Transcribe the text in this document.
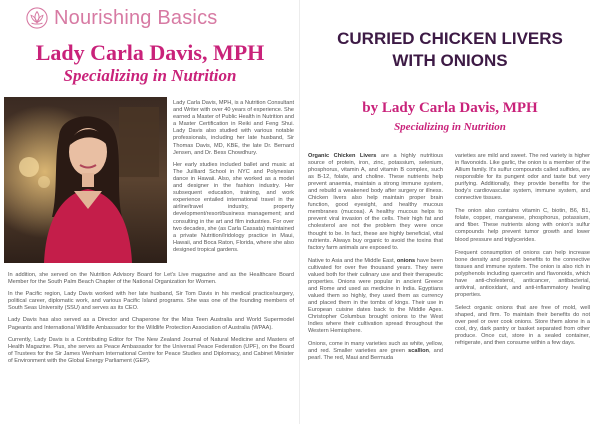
Nourishing Basics
Lady Carla Davis, MPH
Specializing in Nutrition

Lady Carla Davis, MPH, is a Nutrition Consultant and Writer with over 40 years of experience. She earned a Master of Public Health in Nutrition and a Master Certification in Reiki and Feng Shui. Lady Davis also studied with various notable professionals, including her late husband, Sir Thomas Davis, MD, KBE, the late Dr. Bernard Jensen, and Dr. Bess Chowdhury.

Her early studies included ballet and music at The Juilliard School in NYC and Polynesian dance in Hawaii. Also, she worked as a model and designer in the fashion industry. Her subsequent education, training, and work experience entailed international travel in the airline/travel industry, property development/resort/business management; and consulting in the art and film industries. For over two decades, she (as Carla Cassata) maintained a private Nutrition/Iridology practice in Maui, Hawaii, and Boca Raton, Florida, where she also designed tropical gardens.

In addition, she served on the Nutrition Advisory Board for Let's Live magazine and as the Healthcare Board Member for the South Palm Beach Chapter of the National Organization for Women.

In the Pacific region, Lady Davis worked with her late husband, Sir Tom Davis in his medical practice/surgery, political career, diplomatic work, and various Pacific Island programs. She was one of the founding members of South Seas University (SSU) and serves as its CEO.

Lady Davis has also served as a Director and Chaperone for the Miss Teen Australia and World Supermodel Pageants and International Wildlife Ambassador for the Wildlife Protection Association of Australia (WPAA).

Currently, Lady Davis is a Contributing Editor for The New Zealand Journal of Natural Medicine and Masters of Health Magazine. Plus, she serves as Peace Ambassador for the Universal Peace Federation (UPF), on the Board of Trustees for the Sir James Wenham International Centre for Peace Studies and Diplomacy, and Cabinet Minister of Environment with the Global Energy Parliament (GEP).

CURRIED CHICKEN LIVERS
WITH ONIONS
by Lady Carla Davis, MPH
Specializing in Nutrition

Organic Chicken Livers are a highly nutritious source of protein, iron, zinc, potassium, selenium, phosphorus, vitamin A, and vitamin B complex, such as B-12, folate, and choline. These nutrients help prevent anaemia, maintain a strong immune system, and rebuild a weakened body after surgery or illness. Chicken livers also help maintain proper brain function, good eyesight, and healthy mucous membranes (mucosa). A healthy mucous helps to prevent viral invasion of the cells. Their high fat and cholesterol are not the problem they were once thought to be. In fact, these are highly beneficial, vital nutrients. Always buy organic to avoid the toxins that factory farm animals are exposed to.

Native to Asia and the Middle East, onions have been cultivated for over five thousand years. They were valued both for their culinary use and their therapeutic properties. Onions were popular in ancient Greece and Rome and used as medicine in India. Egyptians valued them so highly, they used them as currency and placed them in the tombs of kings. Their use in European cuisine dates back to the Middle Ages. Christopher Columbus brought onions to the West Indies where their cultivation spread throughout the Western Hemisphere.

Onions, come in many varieties such as white, yellow, and red. Smaller varieties are green scallion, and pearl. The red, Maui and Bermuda

varieties are mild and sweet. The red variety is higher in flavonoids. Like garlic, the onion is a member of the Allium family. It's sulfur compounds called sulfides, are responsible for its pungent odor and taste but very purifying. Additionally, they provide benefits for the body's cardiovascular system, immune system, and connective tissues.

The onion also contains vitamin C, biotin, B6, B1, folate, copper, manganese, phosphorus, potassium, and fiber. These nutrients along with onion's sulfur compounds help prevent tumor growth and lower blood pressure and triglycerides.

Frequent consumption of onions can help increase bone density and provide benefits to the connective tissues and immune system. The onion is also rich in polyphenols including quercetin and flavonoids, which have anti-cholesterol, anticancer, antibacterial, antiviral, antioxidant, and anti-inflammatory healing properties.

Select organic onions that are free of mold, well shaped, and firm. To maintain their benefits do not over peel or over cook onions. Store them alone in a cool, dry, dark pantry or basket separated from other produce. Once cut, store in a sealed container, refrigerate, and then consume within a few days.
